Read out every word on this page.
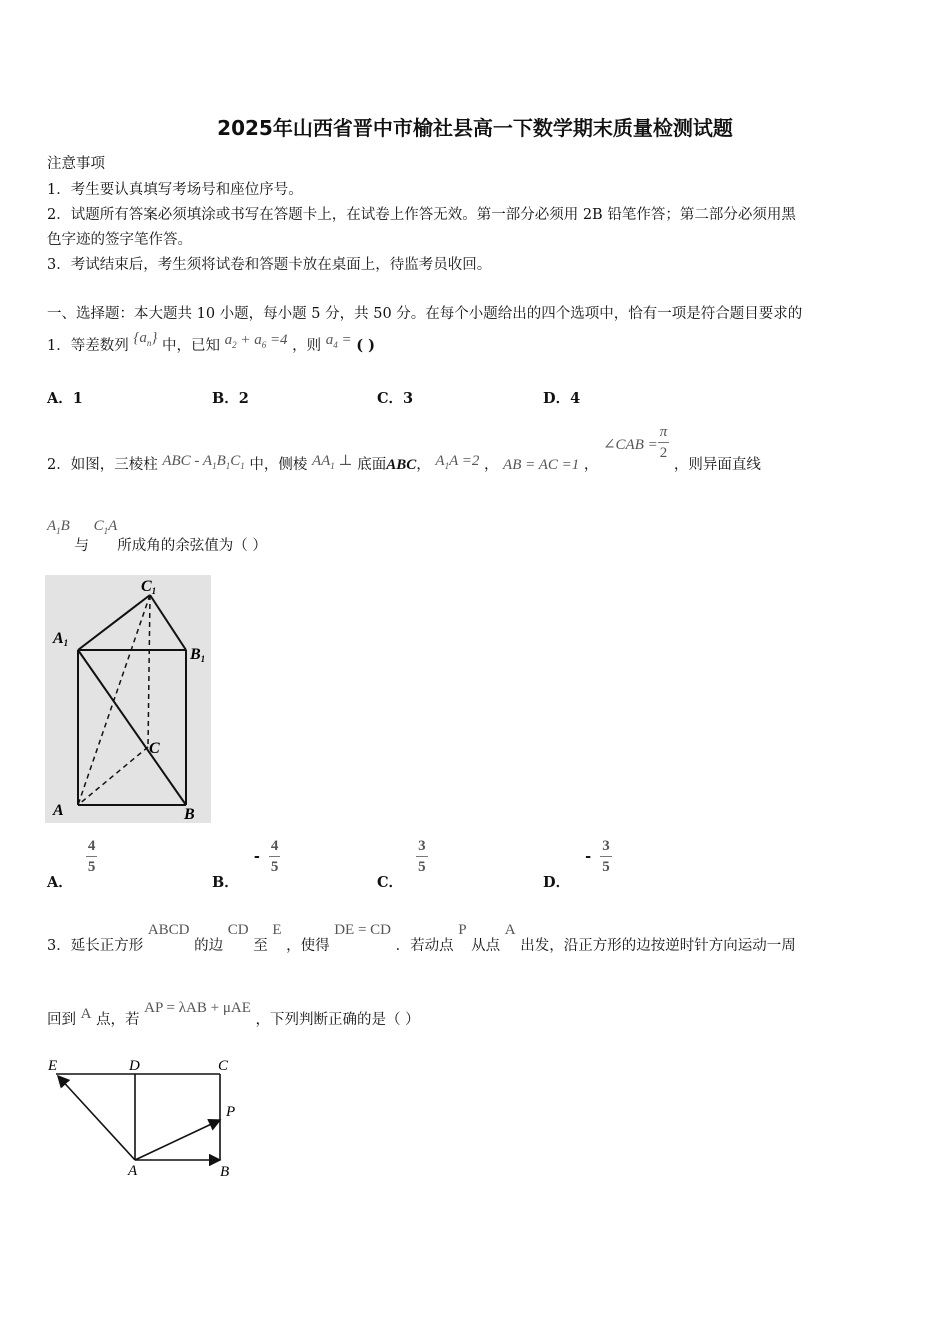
2025年山西省晋中市榆社县高一下数学期末质量检测试题
注意事项
1．考生要认真填写考场号和座位序号。
2．试题所有答案必须填涂或书写在答题卡上，在试卷上作答无效。第一部分必须用 2B 铅笔作答；第二部分必须用黑
色字迹的签字笔作答。
3．考试结束后，考生须将试卷和答题卡放在桌面上，待监考员收回。
一、选择题：本大题共 10 小题，每小题 5 分，共 50 分。在每个小题给出的四个选项中，恰有一项是符合题目要求的
1．等差数列 $\{a_n\}$ 中，已知 $a_2 + a_6 =4$ ，则 $a_4$ = ( )
A．1	B．2	C．3	D．4
2．如图，三棱柱 ABC - $A_1B_1C_1$ 中，侧棱 $AA_1$ ⊥ 底面ABC， $A_1A =2$ ， AB = AC =1 ， ∠CAB = $\frac{\pi}{2}$
，则异面直线
$A_1B$ 与 $C_1A$所成角的余弦值为（ ）
C1
A1
B1
C
A	B
A．
$\frac{4}{5}$
B． - $\frac{4}{5}$
C．
$\frac{3}{5}$
D． - $\frac{3}{5}$
3．延长正方形 ABCD 的边 CD 至 E ，使得 DE = CD ．若动点 P 从点 A 出发，沿正方形的边按逆时针方向运动一周
回到 A 点，若 AP = λAB + μAE ，下列判断正确的是（ ）
E	D	C
P
A	B
